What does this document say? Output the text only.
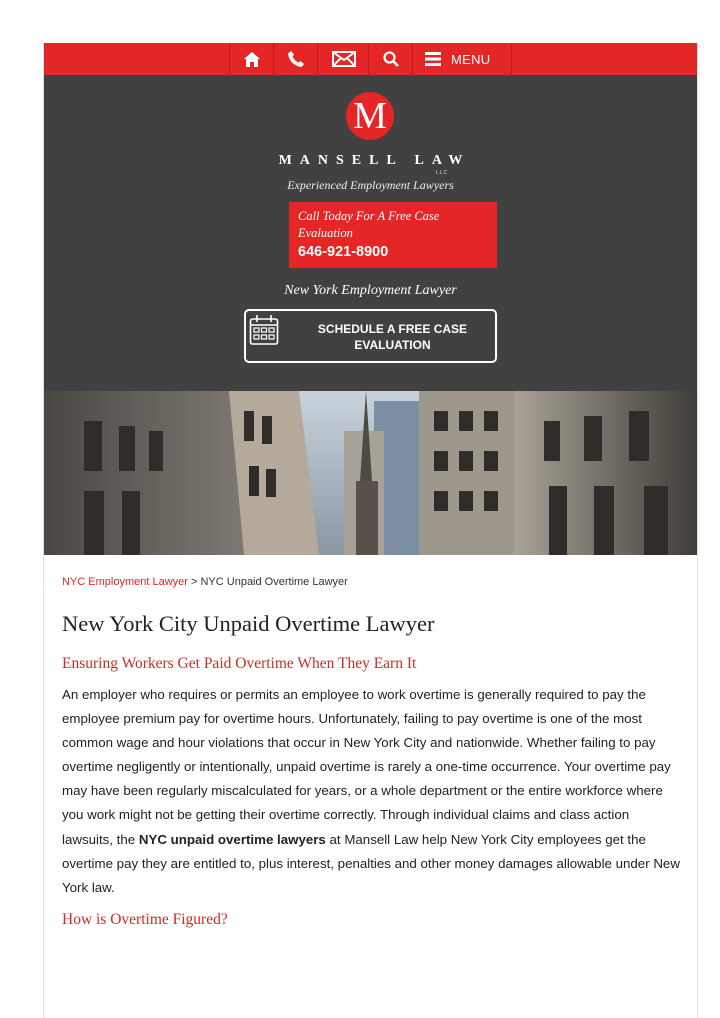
MENU
M
MANSELL LAW
LLC
Experienced Employment Lawyers
Call Today For A Free Case Evaluation
646-921-8900
New York Employment Lawyer
SCHEDULE A FREE CASE EVALUATION
NYC Employment Lawyer > NYC Unpaid Overtime Lawyer
New York City Unpaid Overtime Lawyer
Ensuring Workers Get Paid Overtime When They Earn It

An employer who requires or permits an employee to work overtime is generally required to pay the employee premium pay for overtime hours. Unfortunately, failing to pay overtime is one of the most common wage and hour violations that occur in New York City and nationwide. Whether failing to pay overtime negligently or intentionally, unpaid overtime is rarely a one-time occurrence. Your overtime pay may have been regularly miscalculated for years, or a whole department or the entire workforce where you work might not be getting their overtime correctly. Through individual claims and class action lawsuits, the NYC unpaid overtime lawyers at Mansell Law help New York City employees get the overtime pay they are entitled to, plus interest, penalties and other money damages allowable under New York law.

How is Overtime Figured?
